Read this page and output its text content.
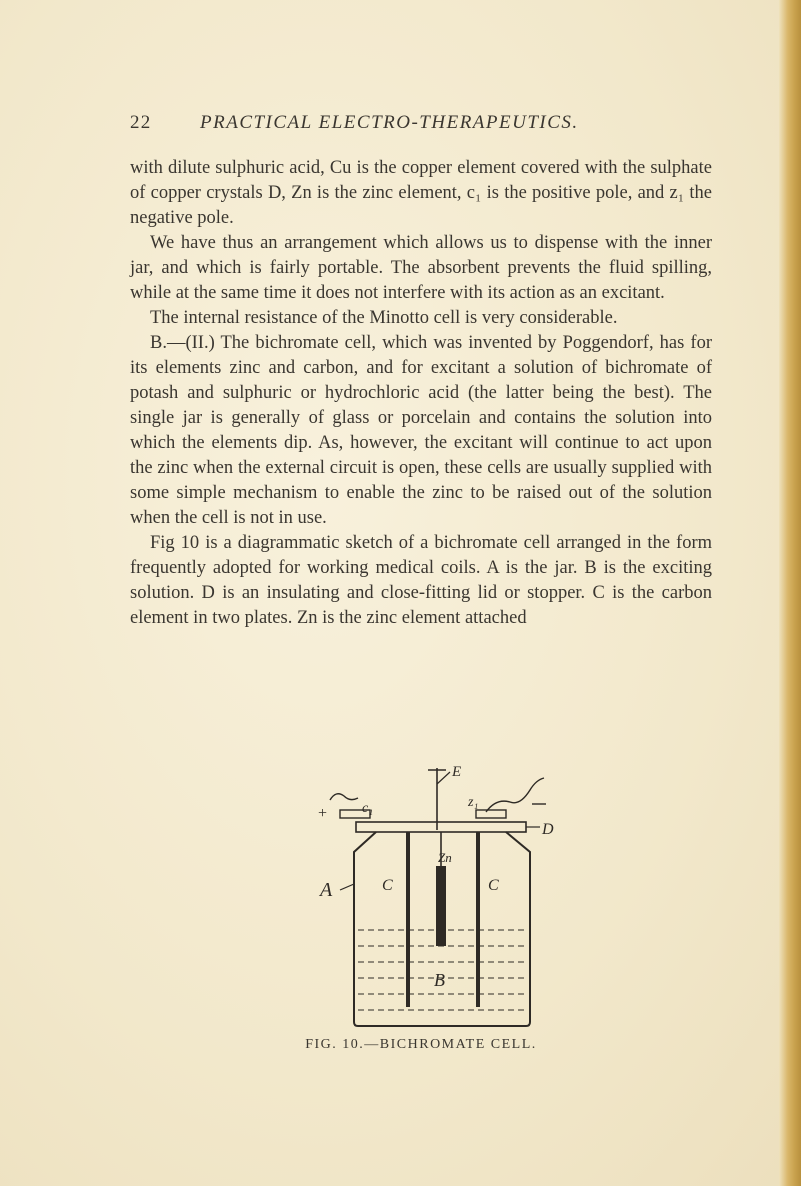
22	PRACTICAL ELECTRO-THERAPEUTICS.

with dilute sulphuric acid, Cu is the copper element covered with the sulphate of copper crystals D, Zn is the zinc element, c₁ is the positive pole, and z₁ the negative pole.

We have thus an arrangement which allows us to dispense with the inner jar, and which is fairly portable. The absorbent prevents the fluid spilling, while at the same time it does not interfere with its action as an excitant.

The internal resistance of the Minotto cell is very considerable.

B.—(II.) The bichromate cell, which was invented by Poggendorf, has for its elements zinc and carbon, and for excitant a solution of bichromate of potash and sulphuric or hydrochloric acid (the latter being the best). The single jar is generally of glass or porcelain and contains the solution into which the elements dip. As, however, the excitant will continue to act upon the zinc when the external circuit is open, these cells are usually supplied with some simple mechanism to enable the zinc to be raised out of the solution when the cell is not in use.

Fig 10 is a diagrammatic sketch of a bichromate cell arranged in the form frequently adopted for working medical coils. A is the jar. B is the exciting solution. D is an insulating and close-fitting lid or stopper. C is the carbon element in two plates. Zn is the zinc element attached

E
+ c₁	z₁
D
A	C	C
Zn
B
FIG. 10.—BICHROMATE CELL.
